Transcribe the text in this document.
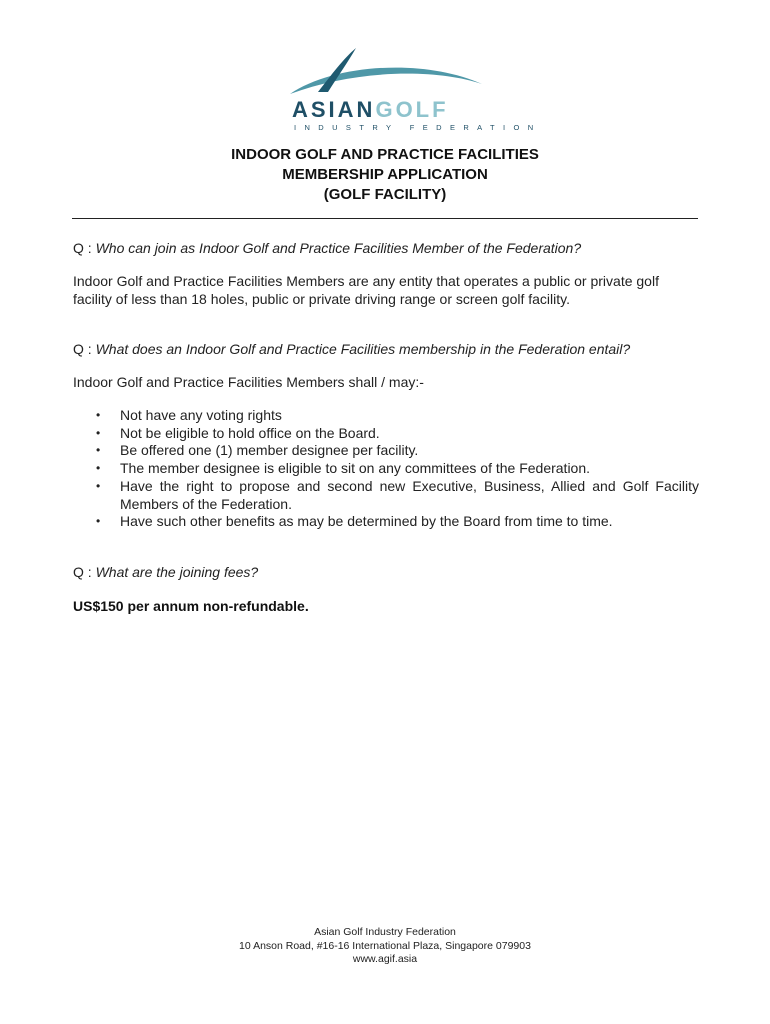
ASIANGOLF
INDUSTRY FEDERATION
INDOOR GOLF AND PRACTICE FACILITIES
MEMBERSHIP APPLICATION
(GOLF FACILITY)
Q : Who can join as Indoor Golf and Practice Facilities Member of the Federation?
Indoor Golf and Practice Facilities Members are any entity that operates a public or private golf facility of less than 18 holes, public or private driving range or screen golf facility.
Q : What does an Indoor Golf and Practice Facilities membership in the Federation entail?
Indoor Golf and Practice Facilities Members shall / may:-
• Not have any voting rights
• Not be eligible to hold office on the Board.
• Be offered one (1) member designee per facility.
• The member designee is eligible to sit on any committees of the Federation.
• Have the right to propose and second new Executive, Business, Allied and Golf Facility Members of the Federation.
• Have such other benefits as may be determined by the Board from time to time.
Q : What are the joining fees?
US$150 per annum non-refundable.
Asian Golf Industry Federation
10 Anson Road, #16-16 International Plaza, Singapore 079903
www.agif.asia
